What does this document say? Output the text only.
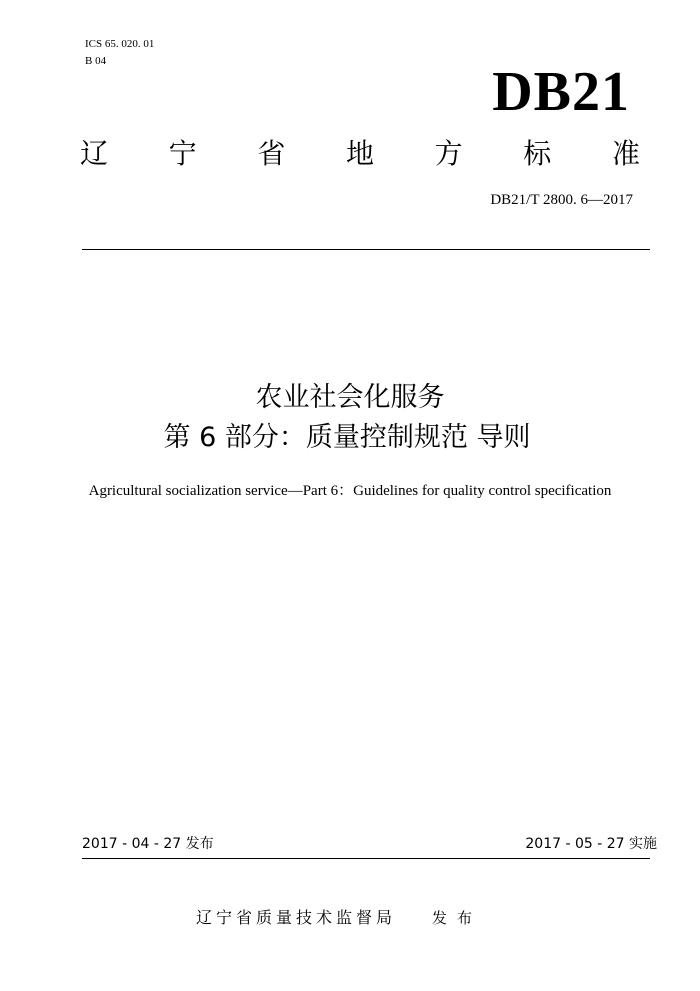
ICS 65. 020. 01
B 04	DB21
辽 宁 省 地 方 标 准
DB21/T 2800. 6—2017
农业社会化服务
第 6 部分：质量控制规范 导则
Agricultural socialization service—Part 6：Guidelines for quality control specification
2017 - 04 - 27 发布	2017 - 05 - 27 实施
辽宁省质量技术监督局 发布
